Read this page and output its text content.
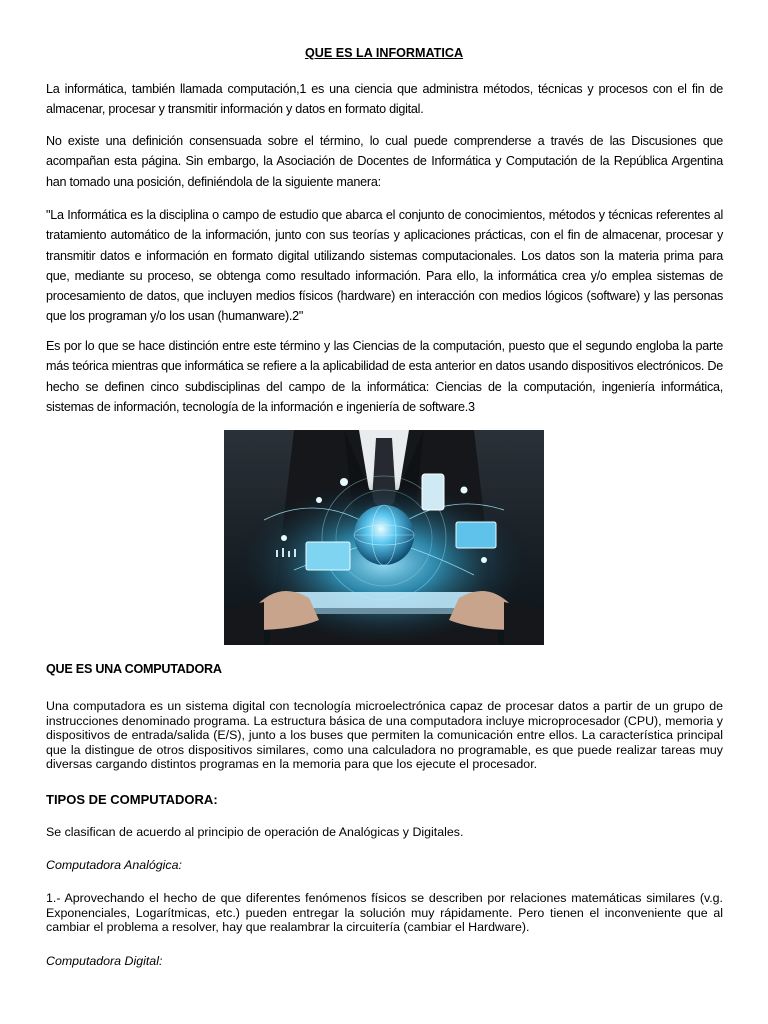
QUE ES LA INFORMATICA

La informática, también llamada computación,1 es una ciencia que administra métodos, técnicas y procesos con el fin de almacenar, procesar y transmitir información y datos en formato digital.

No existe una definición consensuada sobre el término, lo cual puede comprenderse a través de las Discusiones que acompañan esta página. Sin embargo, la Asociación de Docentes de Informática y Computación de la República Argentina han tomado una posición, definiéndola de la siguiente manera:

"La Informática es la disciplina o campo de estudio que abarca el conjunto de conocimientos, métodos y técnicas referentes al tratamiento automático de la información, junto con sus teorías y aplicaciones prácticas, con el fin de almacenar, procesar y transmitir datos e información en formato digital utilizando sistemas computacionales. Los datos son la materia prima para que, mediante su proceso, se obtenga como resultado información. Para ello, la informática crea y/o emplea sistemas de procesamiento de datos, que incluyen medios físicos (hardware) en interacción con medios lógicos (software) y las personas que los programan y/o los usan (humanware).2"

Es por lo que se hace distinción entre este término y las Ciencias de la computación, puesto que el segundo engloba la parte más teórica mientras que informática se refiere a la aplicabilidad de esta anterior en datos usando dispositivos electrónicos. De hecho se definen cinco subdisciplinas del campo de la informática: Ciencias de la computación, ingeniería informática, sistemas de información, tecnología de la información e ingeniería de software.3

QUE ES UNA COMPUTADORA

Una computadora es un sistema digital con tecnología microelectrónica capaz de procesar datos a partir de un grupo de instrucciones denominado programa. La estructura básica de una computadora incluye microprocesador (CPU), memoria y dispositivos de entrada/salida (E/S), junto a los buses que permiten la comunicación entre ellos. La característica principal que la distingue de otros dispositivos similares, como una calculadora no programable, es que puede realizar tareas muy diversas cargando distintos programas en la memoria para que los ejecute el procesador.

TIPOS DE COMPUTADORA:

Se clasifican de acuerdo al principio de operación de Analógicas y Digitales.

Computadora Analógica:

1.- Aprovechando el hecho de que diferentes fenómenos físicos se describen por relaciones matemáticas similares (v.g. Exponenciales, Logarítmicas, etc.) pueden entregar la solución muy rápidamente. Pero tienen el inconveniente que al cambiar el problema a resolver, hay que realambrar la circuitería (cambiar el Hardware).

Computadora Digital:
